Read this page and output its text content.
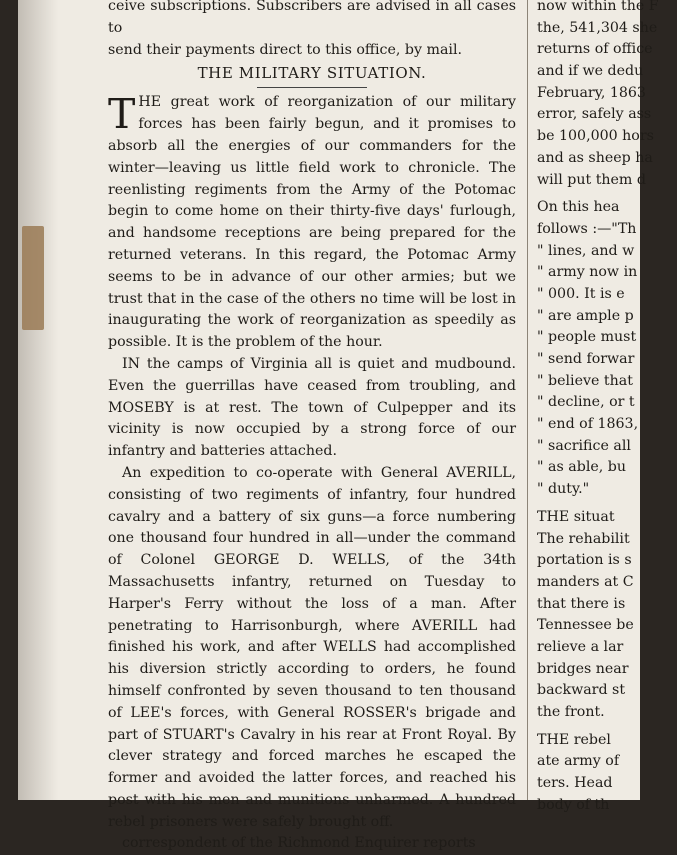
ceive subscriptions. Subscribers are advised in all cases to

send their payments direct to this office, by mail.

THE MILITARY SITUATION.

THE great work of reorganization of our military forces has been fairly begun, and it promises to absorb all the energies of our commanders for the winter—leaving us little field work to chronicle. The reenlisting regiments from the Army of the Potomac begin to come home on their thirty-five days' furlough, and handsome receptions are being prepared for the returned veterans. In this regard, the Potomac Army seems to be in advance of our other armies; but we trust that in the case of the others no time will be lost in inaugurating the work of reorganization as speedily as possible. It is the problem of the hour.

IN the camps of Virginia all is quiet and mudbound. Even the guerrillas have ceased from troubling, and MOSEBY is at rest. The town of Culpepper and its vicinity is now occupied by a strong force of our infantry and batteries attached.

An expedition to co-operate with General AVERILL, consisting of two regiments of infantry, four hundred cavalry and a battery of six guns—a force numbering one thousand four hundred in all—under the command of Colonel GEORGE D. WELLS, of the 34th Massachusetts infantry, returned on Tuesday to Harper's Ferry without the loss of a man. After penetrating to Harrisonburgh, where AVERILL had finished his work, and after WELLS had accomplished his diversion strictly according to orders, he found himself confronted by seven thousand to ten thousand of LEE's forces, with General ROSSER's brigade and part of STUART's Cavalry in his rear at Front Royal. By clever strategy and forced marches he escaped the former and avoided the latter forces, and reached his post with his men and munitions unharmed. A hundred rebel prisoners were safely brought off.

correspondent of the Richmond Enquirer reports

now within the F
the, 541,304 she
returns of office
and if we dedu
February, 1863
error, safely ass
be 100,000 hors
and as sheep ha
will put them d
On this hea
follows :—"Th
" lines, and w
" army now in
" 000. It is e
" are ample p
" people must
" send forwar
" believe that
" decline, or t
" end of 1863,
" sacrifice all
" as able, bu
" duty."
THE situat
The rehabilit
portation is s
manders at C
that there is
Tennessee be
relieve a lar
bridges near
backward st
the front.
THE rebel
ate army of
ters. Head
body of th
